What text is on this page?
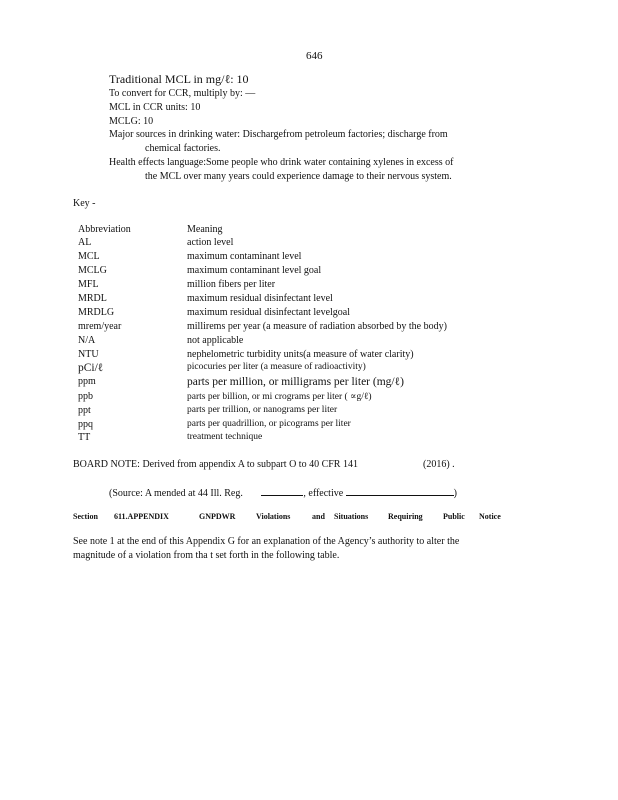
646
Traditional MCL in mg/ℓ: 10
To convert for CCR, multiply by: —
MCL in CCR units: 10
MCLG: 10
Major sources in drinking water: Dischargefrom petroleum factories; discharge from
chemical factories.
Health effects language:Some people who drink water containing xylenes in excess of
the MCL over many years could experience damage to their nervous system.
Key -
Abbreviation	Meaning
AL	action level
MCL	maximum contaminant level
MCLG	maximum contaminant level goal
MFL	million fibers per liter
MRDL	maximum residual disinfectant level
MRDLG	maximum residual disinfectant levelgoal
mrem/year	millirems per year (a measure of radiation absorbed by the body)
N/A	not applicable
NTU	nephelometric turbidity units(a measure of water clarity)
pCi/ℓ	picocuries per liter (a measure of radioactivity)
ppm	parts per million, or milligrams per liter (mg/ℓ)
ppb	parts per billion, or mi crograms per liter ( ∝g/ℓ)
ppt	parts per trillion, or nanograms per liter
ppq	parts per quadrillion, or picograms per liter
TT	treatment technique
BOARD NOTE: Derived from appendix A to subpart O to 40 CFR 141	(2016) .
(Source: A mended at 44 Ill. Reg.	, effective	)
Section 611.APPENDIX	GNPDWR	Violations	and Situations Requiring	Public Notice
See note 1 at the end of this Appendix G for an explanation of the Agency’s authority to alter the
magnitude of a violation from tha t set forth in the following table.
